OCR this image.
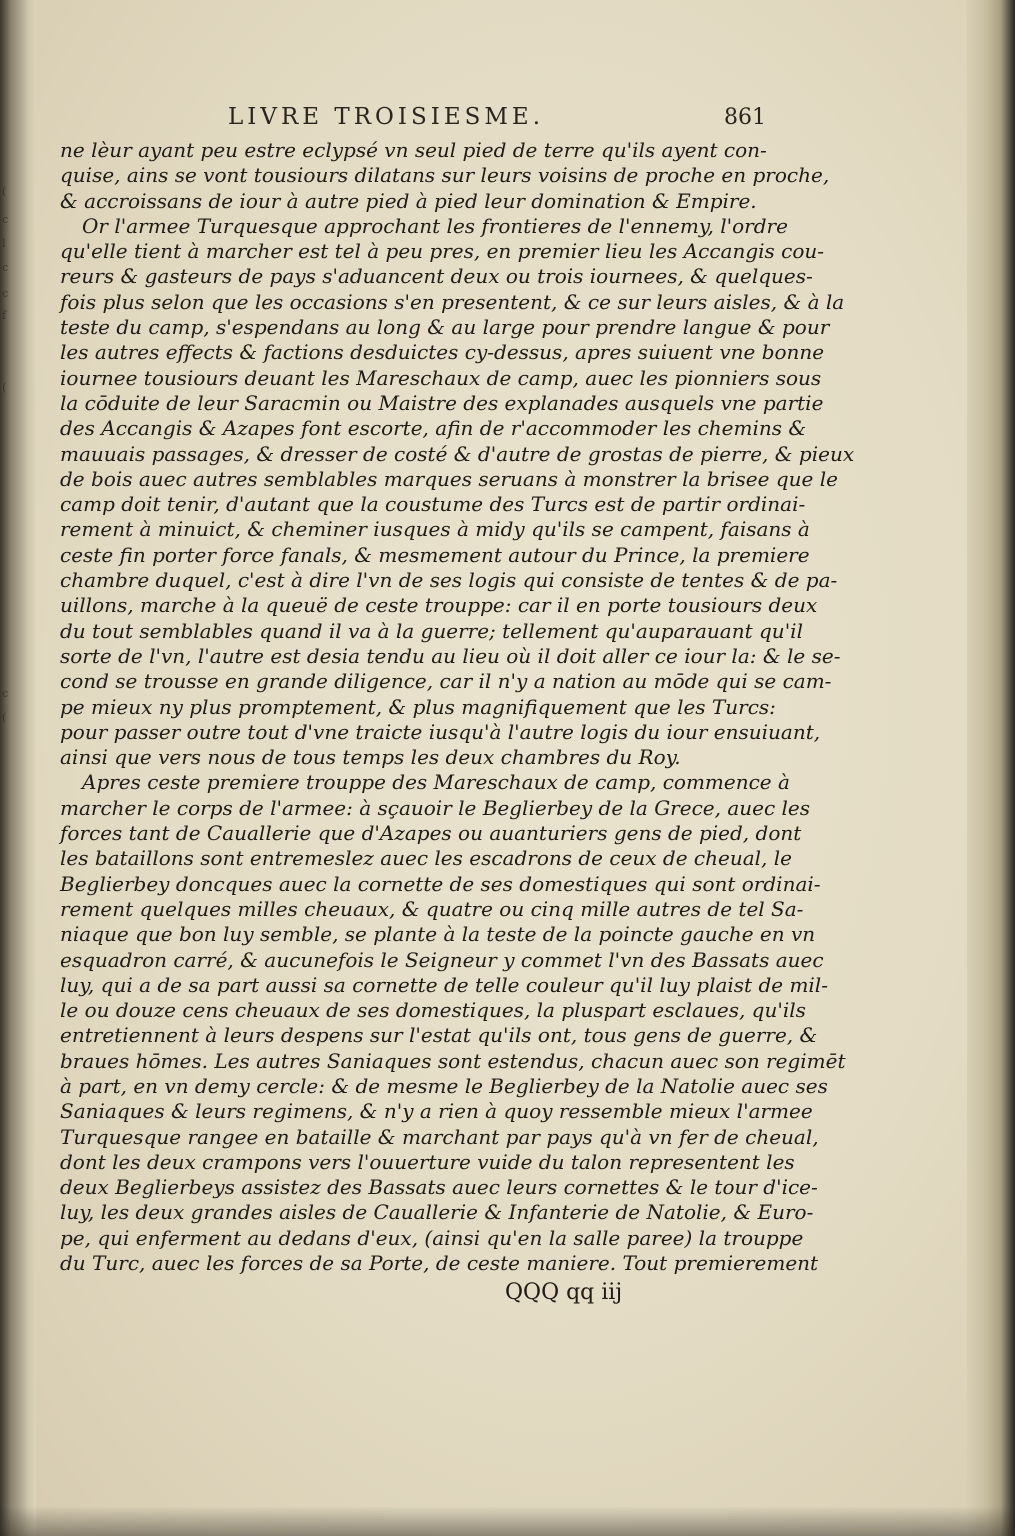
(
c
l
c
c
f
(
c
(
LIVRE TROISIESME.	861
ne lèur ayant peu estre eclypsé vn seul pied de terre qu'ils ayent con-
quise, ains se vont tousiours dilatans sur leurs voisins de proche en proche,
& accroissans de iour à autre pied à pied leur domination & Empire.
Or l'armee Turquesque approchant les frontieres de l'ennemy, l'ordre
qu'elle tient à marcher est tel à peu pres, en premier lieu les Accangis cou-
reurs & gasteurs de pays s'aduancent deux ou trois iournees, & quelques-
fois plus selon que les occasions s'en presentent, & ce sur leurs aisles, & à la
teste du camp, s'espendans au long & au large pour prendre langue & pour
les autres effects & factions desduictes cy-dessus, apres suiuent vne bonne
iournee tousiours deuant les Mareschaux de camp, auec les pionniers sous
la cōduite de leur Saracmin ou Maistre des explanades ausquels vne partie
des Accangis & Azapes font escorte, afin de r'accommoder les chemins &
mauuais passages, & dresser de costé & d'autre de grostas de pierre, & pieux
de bois auec autres semblables marques seruans à monstrer la brisee que le
camp doit tenir, d'autant que la coustume des Turcs est de partir ordinai-
rement à minuict, & cheminer iusques à midy qu'ils se campent, faisans à
ceste fin porter force fanals, & mesmement autour du Prince, la premiere
chambre duquel, c'est à dire l'vn de ses logis qui consiste de tentes & de pa-
uillons, marche à la queuë de ceste trouppe: car il en porte tousiours deux
du tout semblables quand il va à la guerre; tellement qu'auparauant qu'il
sorte de l'vn, l'autre est desia tendu au lieu où il doit aller ce iour la: & le se-
cond se trousse en grande diligence, car il n'y a nation au mōde qui se cam-
pe mieux ny plus promptement, & plus magnifiquement que les Turcs:
pour passer outre tout d'vne traicte iusqu'à l'autre logis du iour ensuiuant,
ainsi que vers nous de tous temps les deux chambres du Roy.
Apres ceste premiere trouppe des Mareschaux de camp, commence à
marcher le corps de l'armee: à sçauoir le Beglierbey de la Grece, auec les
forces tant de Cauallerie que d'Azapes ou auanturiers gens de pied, dont
les bataillons sont entremeslez auec les escadrons de ceux de cheual, le
Beglierbey doncques auec la cornette de ses domestiques qui sont ordinai-
rement quelques milles cheuaux, & quatre ou cinq mille autres de tel Sa-
niaque que bon luy semble, se plante à la teste de la poincte gauche en vn
esquadron carré, & aucunefois le Seigneur y commet l'vn des Bassats auec
luy, qui a de sa part aussi sa cornette de telle couleur qu'il luy plaist de mil-
le ou douze cens cheuaux de ses domestiques, la pluspart esclaues, qu'ils
entretiennent à leurs despens sur l'estat qu'ils ont, tous gens de guerre, &
braues hōmes. Les autres Saniaques sont estendus, chacun auec son regimēt
à part, en vn demy cercle: & de mesme le Beglierbey de la Natolie auec ses
Saniaques & leurs regimens, & n'y a rien à quoy ressemble mieux l'armee
Turquesque rangee en bataille & marchant par pays qu'à vn fer de cheual,
dont les deux crampons vers l'ouuerture vuide du talon representent les
deux Beglierbeys assistez des Bassats auec leurs cornettes & le tour d'ice-
luy, les deux grandes aisles de Cauallerie & Infanterie de Natolie, & Euro-
pe, qui enferment au dedans d'eux, (ainsi qu'en la salle paree) la trouppe
du Turc, auec les forces de sa Porte, de ceste maniere. Tout premierement
QQQ qq iij
